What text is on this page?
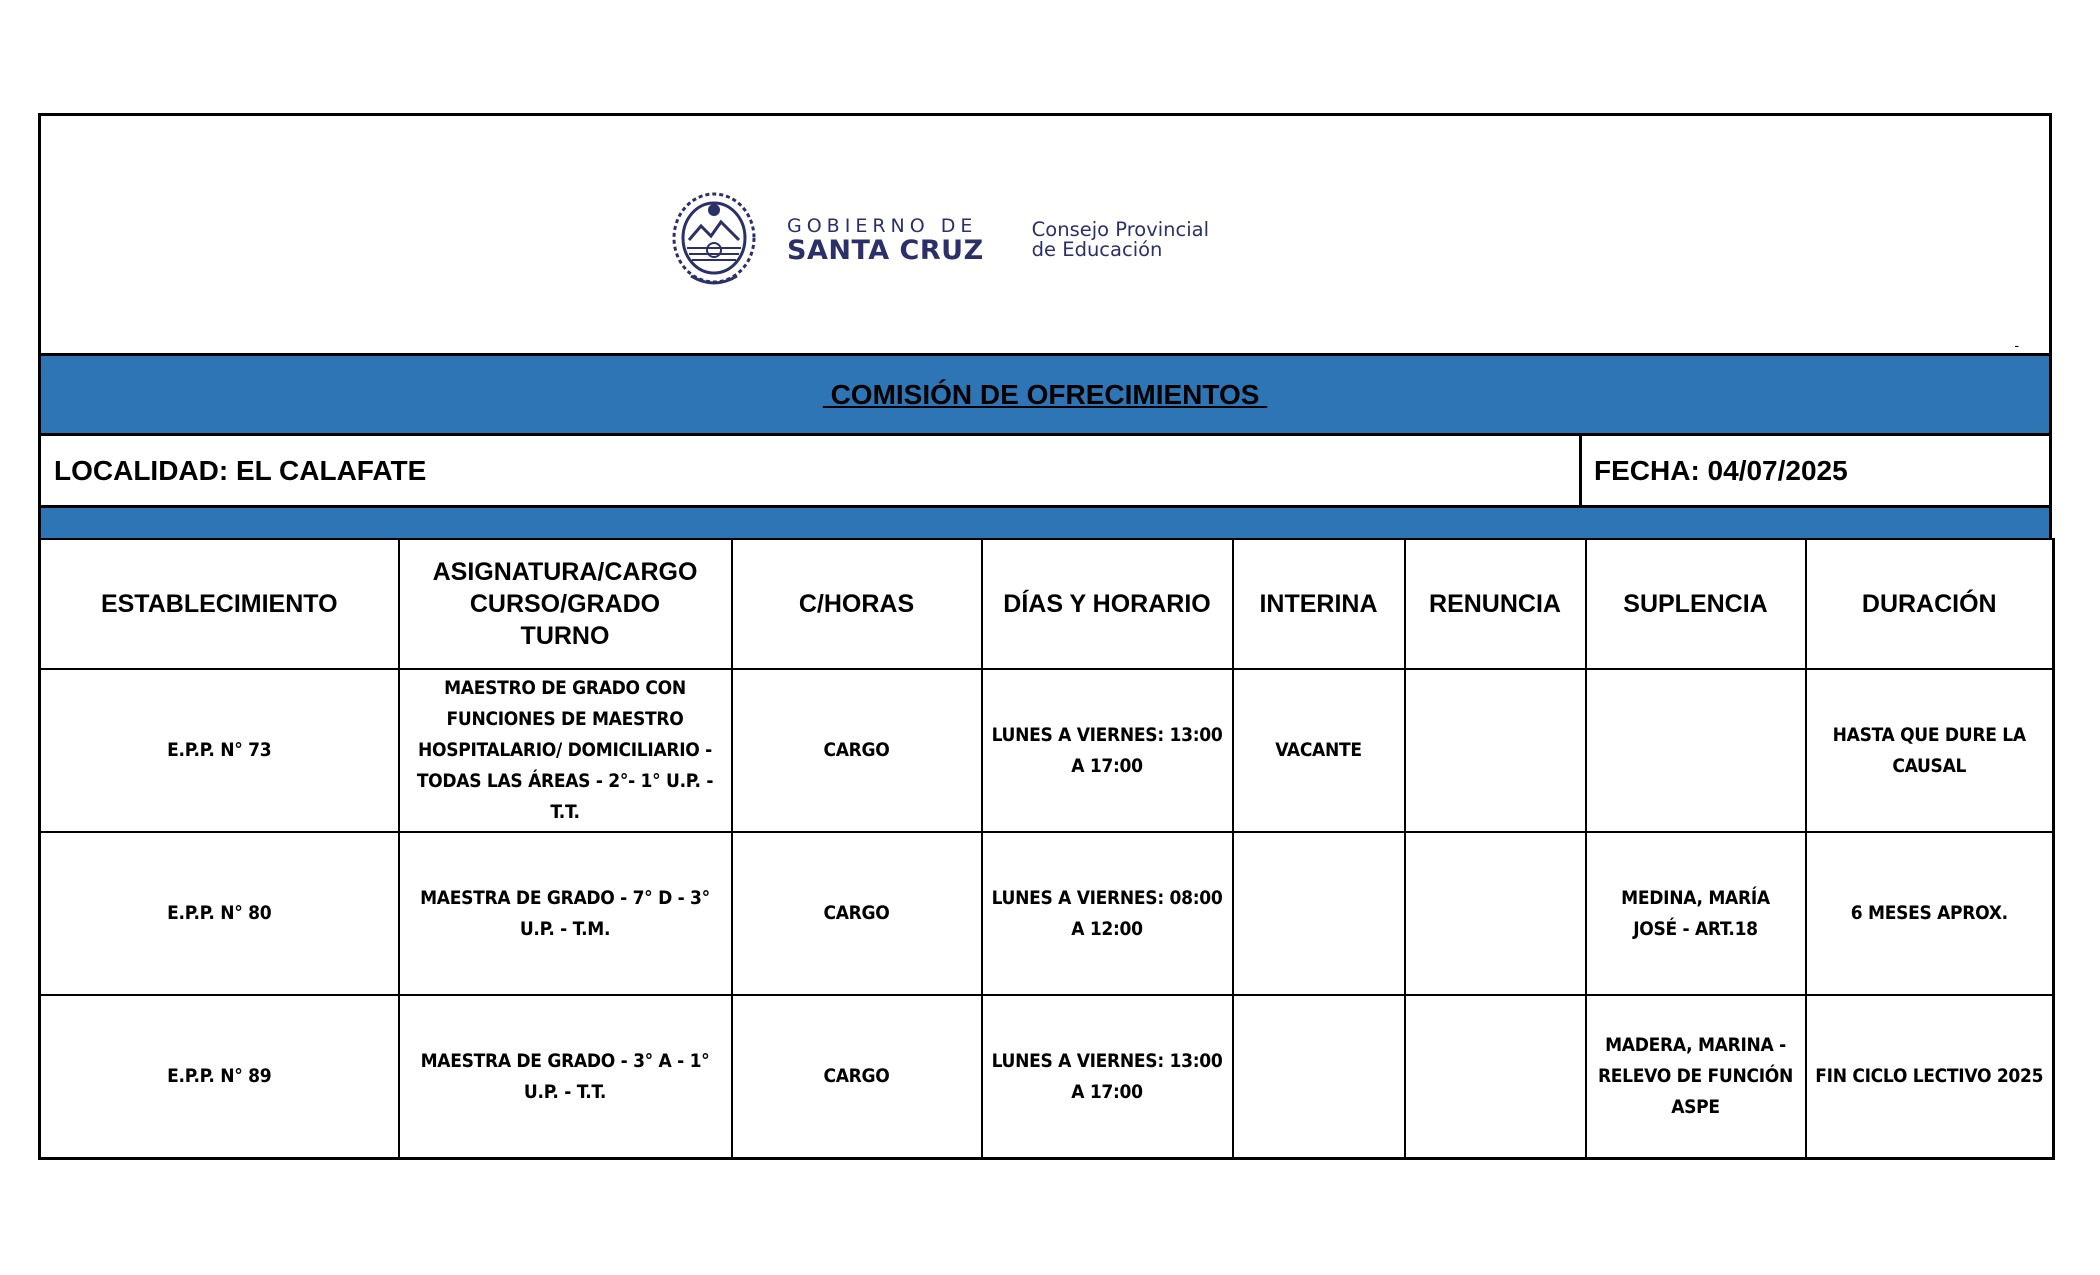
GOBIERNO DE
SANTA CRUZ
Consejo Provincial
de Educación
-
COMISIÓN DE OFRECIMIENTOS
LOCALIDAD: EL CALAFATE	FECHA: 04/07/2025
ESTABLECIMIENTO	ASIGNATURA/CARGO CURSO/GRADO TURNO	C/HORAS	DÍAS Y HORARIO	INTERINA	RENUNCIA	SUPLENCIA	DURACIÓN
E.P.P. N° 73	MAESTRO DE GRADO CON FUNCIONES DE MAESTRO HOSPITALARIO/ DOMICILIARIO - TODAS LAS ÁREAS - 2°- 1° U.P. - T.T.	CARGO	LUNES A VIERNES: 13:00 A 17:00	VACANTE			HASTA QUE DURE LA CAUSAL
E.P.P. N° 80	MAESTRA DE GRADO - 7° D - 3° U.P. - T.M.	CARGO	LUNES A VIERNES: 08:00 A 12:00			MEDINA, MARÍA JOSÉ - ART.18	6 MESES APROX.
E.P.P. N° 89	MAESTRA DE GRADO - 3° A - 1° U.P. - T.T.	CARGO	LUNES A VIERNES: 13:00 A 17:00			MADERA, MARINA - RELEVO DE FUNCIÓN ASPE	FIN CICLO LECTIVO 2025
